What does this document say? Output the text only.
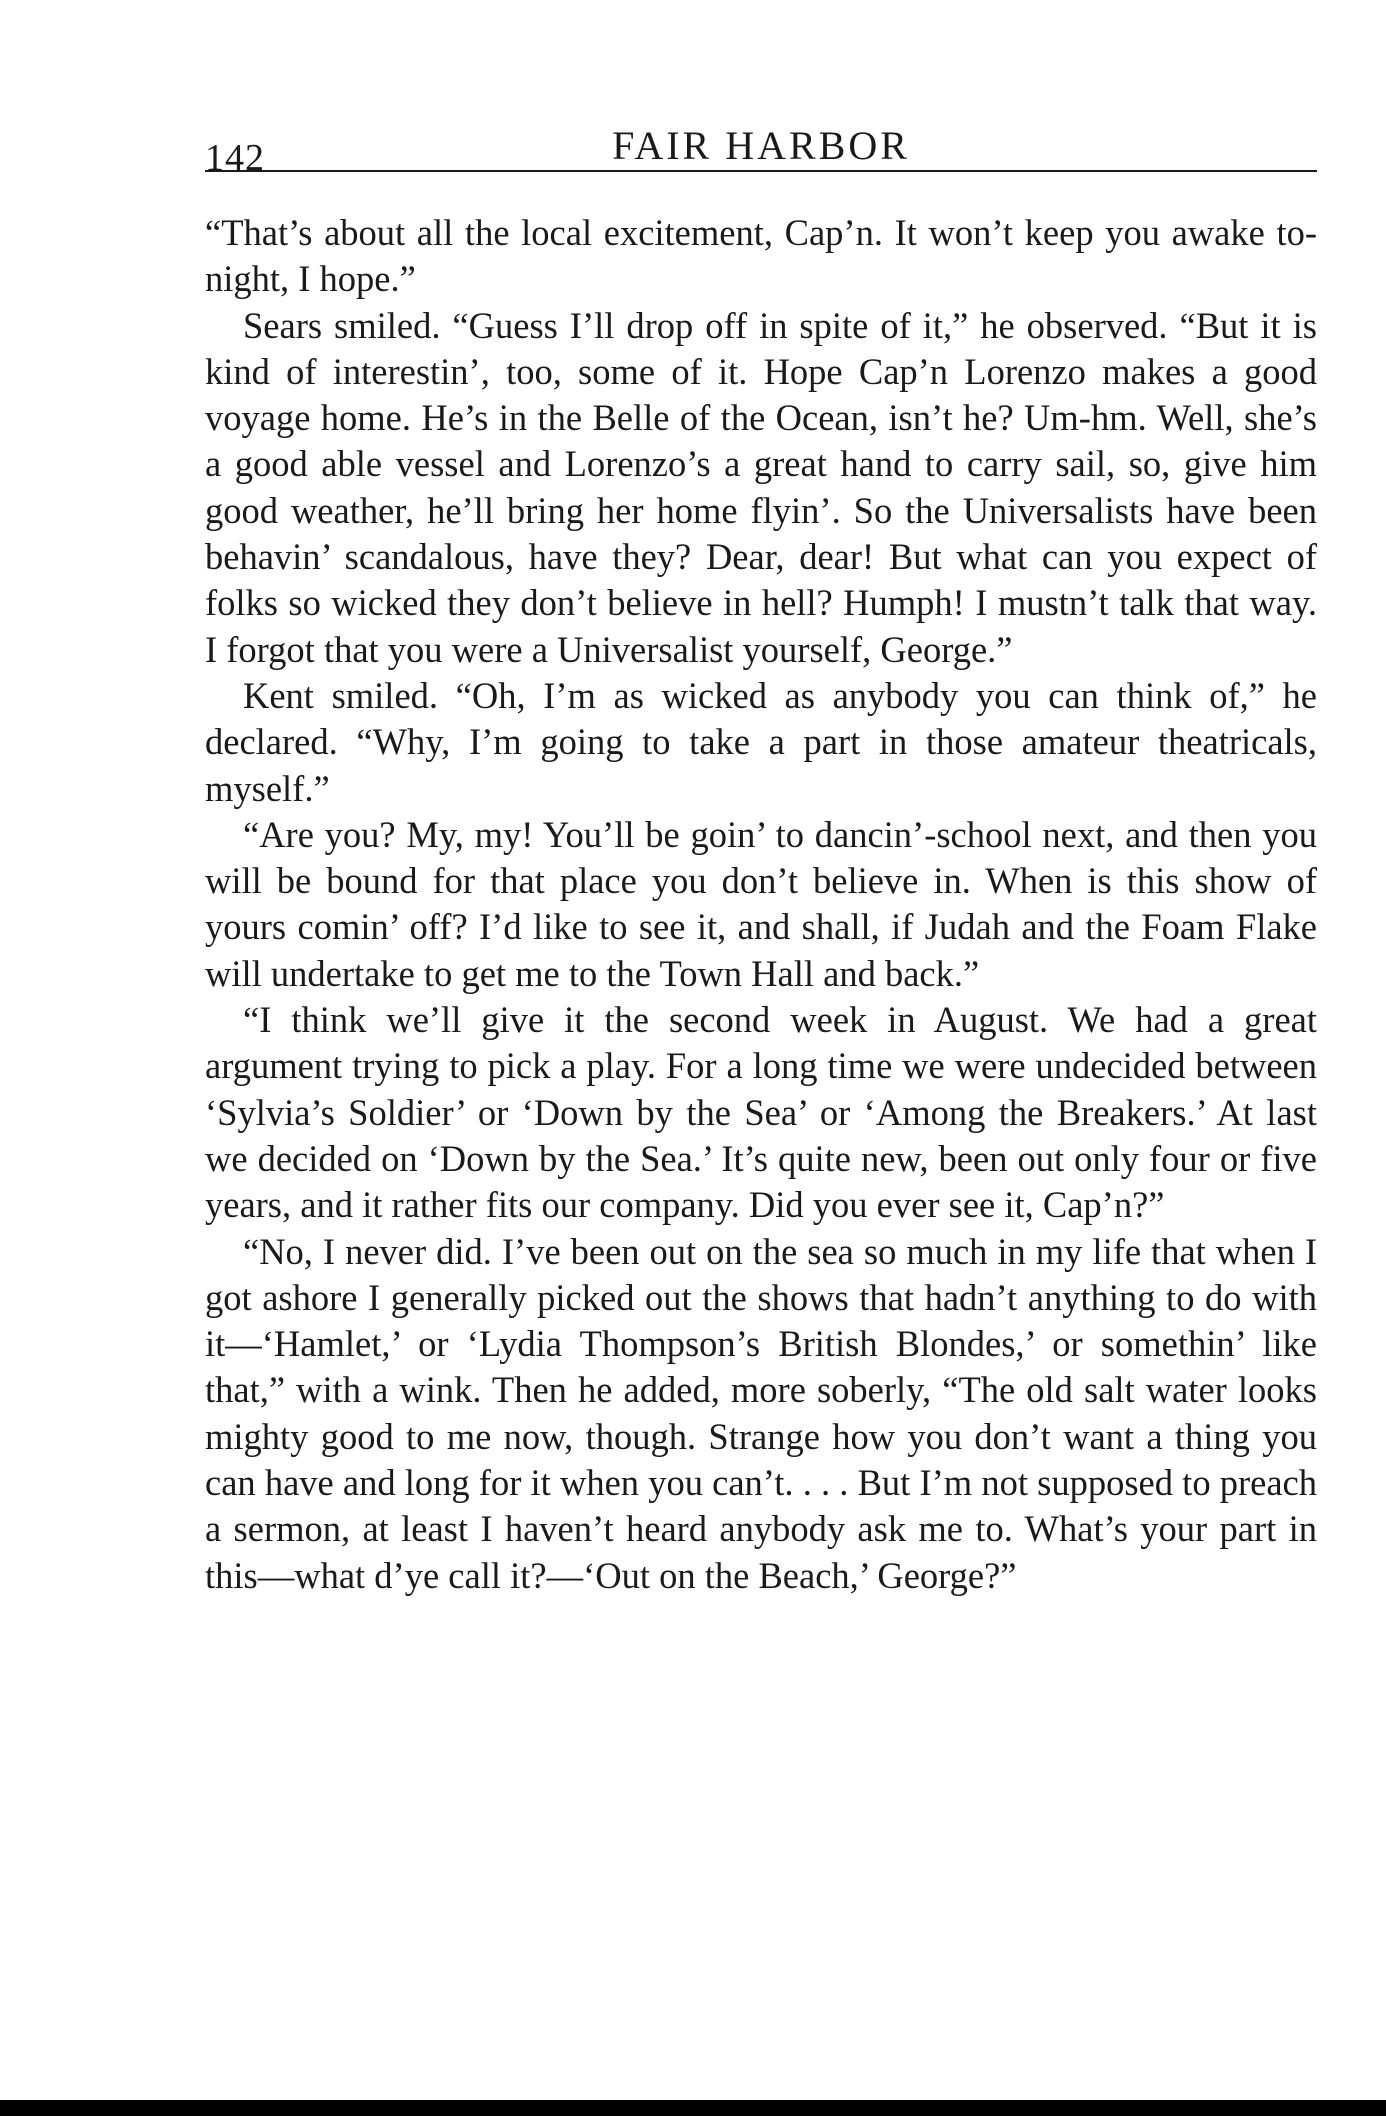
142	FAIR HARBOR

“That’s about all the local excitement, Cap’n. It won’t keep you awake to-night, I hope.”

Sears smiled. “Guess I’ll drop off in spite of it,” he observed. “But it is kind of interestin’, too, some of it. Hope Cap’n Lorenzo makes a good voyage home. He’s in the Belle of the Ocean, isn’t he? Um-hm. Well, she’s a good able vessel and Lorenzo’s a great hand to carry sail, so, give him good weather, he’ll bring her home flyin’. So the Universalists have been behavin’ scandalous, have they? Dear, dear! But what can you expect of folks so wicked they don’t believe in hell? Humph! I mustn’t talk that way. I forgot that you were a Universalist yourself, George.”

Kent smiled. “Oh, I’m as wicked as anybody you can think of,” he declared. “Why, I’m going to take a part in those amateur theatricals, myself.”

“Are you? My, my! You’ll be goin’ to dancin’-school next, and then you will be bound for that place you don’t believe in. When is this show of yours comin’ off? I’d like to see it, and shall, if Judah and the Foam Flake will undertake to get me to the Town Hall and back.”

“I think we’ll give it the second week in August. We had a great argument trying to pick a play. For a long time we were undecided between ‘Sylvia’s Soldier’ or ‘Down by the Sea’ or ‘Among the Breakers.’ At last we decided on ‘Down by the Sea.’ It’s quite new, been out only four or five years, and it rather fits our company. Did you ever see it, Cap’n?”

“No, I never did. I’ve been out on the sea so much in my life that when I got ashore I generally picked out the shows that hadn’t anything to do with it—‘Hamlet,’ or ‘Lydia Thompson’s British Blondes,’ or somethin’ like that,” with a wink. Then he added, more soberly, “The old salt water looks mighty good to me now, though. Strange how you don’t want a thing you can have and long for it when you can’t. . . . But I’m not supposed to preach a sermon, at least I haven’t heard anybody ask me to. What’s your part in this—what d’ye call it?—‘Out on the Beach,’ George?”
